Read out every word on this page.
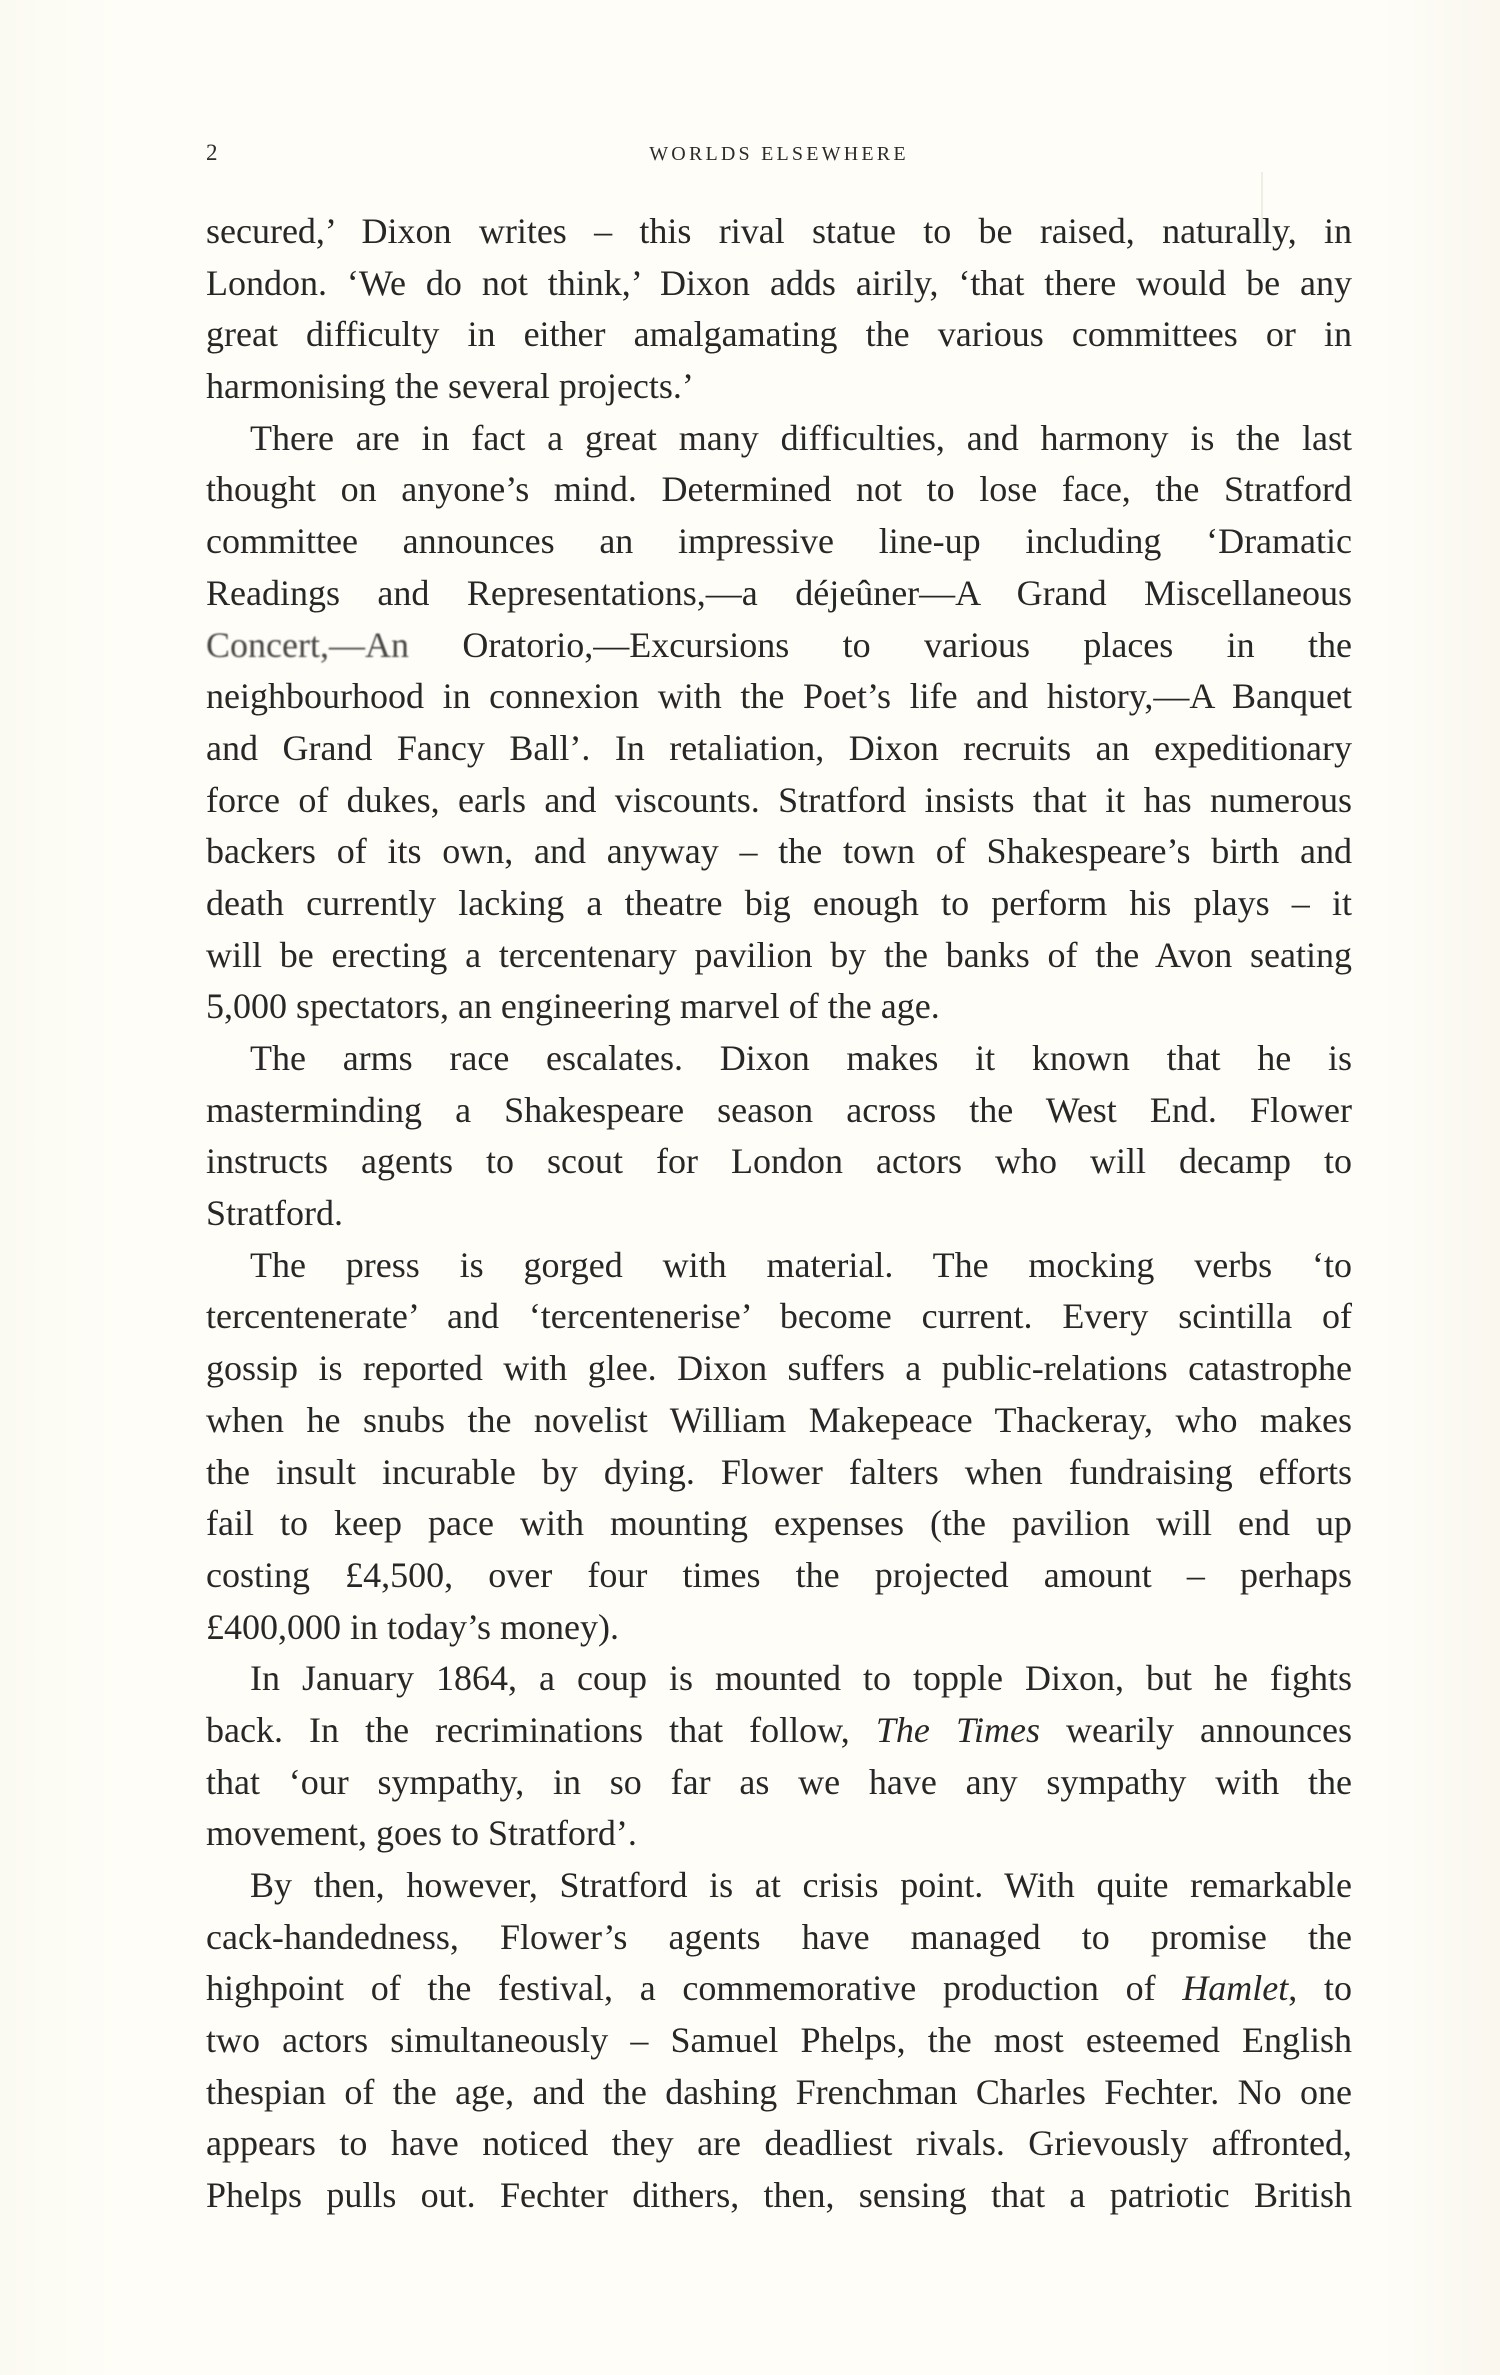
2	WORLDS ELSEWHERE
secured,’ Dixon writes – this rival statue to be raised, naturally, in
London. ‘We do not think,’ Dixon adds airily, ‘that there would be any
great difficulty in either amalgamating the various committees or in
harmonising the several projects.’
There are in fact a great many difficulties, and harmony is the last
thought on anyone’s mind. Determined not to lose face, the Stratford
committee announces an impressive line-up including ‘Dramatic
Readings and Representations,—a déjeûner—A Grand Miscellaneous
Concert,—An Oratorio,—Excursions to various places in the
neighbourhood in connexion with the Poet’s life and history,—A Banquet
and Grand Fancy Ball’. In retaliation, Dixon recruits an expeditionary
force of dukes, earls and viscounts. Stratford insists that it has numerous
backers of its own, and anyway – the town of Shakespeare’s birth and
death currently lacking a theatre big enough to perform his plays – it
will be erecting a tercentenary pavilion by the banks of the Avon seating
5,000 spectators, an engineering marvel of the age.
The arms race escalates. Dixon makes it known that he is
masterminding a Shakespeare season across the West End. Flower
instructs agents to scout for London actors who will decamp to
Stratford.
The press is gorged with material. The mocking verbs ‘to
tercentenerate’ and ‘tercentenerise’ become current. Every scintilla of
gossip is reported with glee. Dixon suffers a public-relations catastrophe
when he snubs the novelist William Makepeace Thackeray, who makes
the insult incurable by dying. Flower falters when fundraising efforts
fail to keep pace with mounting expenses (the pavilion will end up
costing £4,500, over four times the projected amount – perhaps
£400,000 in today’s money).
In January 1864, a coup is mounted to topple Dixon, but he fights
back. In the recriminations that follow, The Times wearily announces
that ‘our sympathy, in so far as we have any sympathy with the
movement, goes to Stratford’.
By then, however, Stratford is at crisis point. With quite remarkable
cack-handedness, Flower’s agents have managed to promise the
highpoint of the festival, a commemorative production of Hamlet, to
two actors simultaneously – Samuel Phelps, the most esteemed English
thespian of the age, and the dashing Frenchman Charles Fechter. No one
appears to have noticed they are deadliest rivals. Grievously affronted,
Phelps pulls out. Fechter dithers, then, sensing that a patriotic British
